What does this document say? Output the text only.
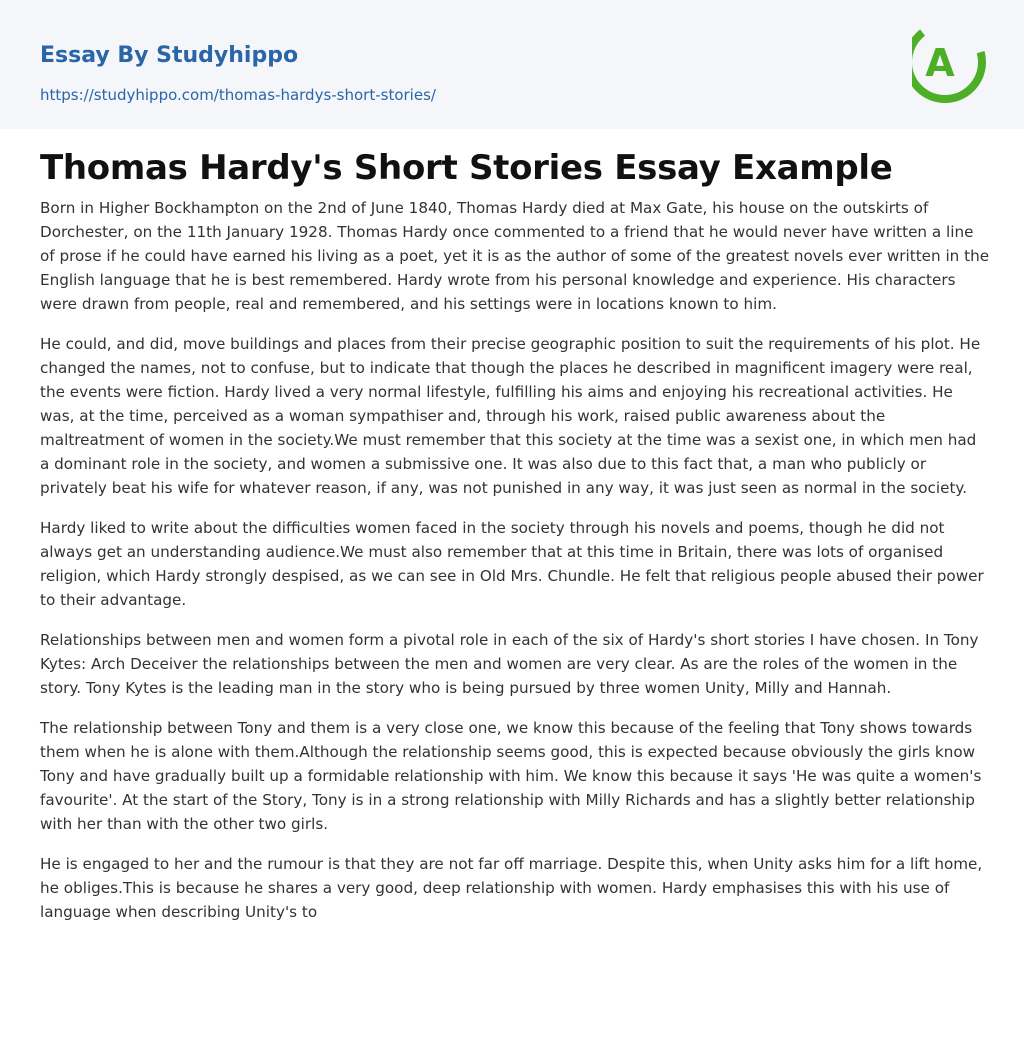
Essay By Studyhippo
https://studyhippo.com/thomas-hardys-short-stories/
A
Thomas Hardy's Short Stories Essay Example

Born in Higher Bockhampton on the 2nd of June 1840, Thomas Hardy died at Max Gate, his house on the outskirts of Dorchester, on the 11th January 1928. Thomas Hardy once commented to a friend that he would never have written a line of prose if he could have earned his living as a poet, yet it is as the author of some of the greatest novels ever written in the English language that he is best remembered. Hardy wrote from his personal knowledge and experience. His characters were drawn from people, real and remembered, and his settings were in locations known to him.

He could, and did, move buildings and places from their precise geographic position to suit the requirements of his plot. He changed the names, not to confuse, but to indicate that though the places he described in magnificent imagery were real, the events were fiction. Hardy lived a very normal lifestyle, fulfilling his aims and enjoying his recreational activities. He was, at the time, perceived as a woman sympathiser and, through his work, raised public awareness about the maltreatment of women in the society.We must remember that this society at the time was a sexist one, in which men had a dominant role in the society, and women a submissive one. It was also due to this fact that, a man who publicly or privately beat his wife for whatever reason, if any, was not punished in any way, it was just seen as normal in the society.

Hardy liked to write about the difficulties women faced in the society through his novels and poems, though he did not always get an understanding audience.We must also remember that at this time in Britain, there was lots of organised religion, which Hardy strongly despised, as we can see in Old Mrs. Chundle. He felt that religious people abused their power to their advantage.

Relationships between men and women form a pivotal role in each of the six of Hardy's short stories I have chosen. In Tony Kytes: Arch Deceiver the relationships between the men and women are very clear. As are the roles of the women in the story. Tony Kytes is the leading man in the story who is being pursued by three women Unity, Milly and Hannah.

The relationship between Tony and them is a very close one, we know this because of the feeling that Tony shows towards them when he is alone with them.Although the relationship seems good, this is expected because obviously the girls know Tony and have gradually built up a formidable relationship with him. We know this because it says 'He was quite a women's favourite'. At the start of the Story, Tony is in a strong relationship with Milly Richards and has a slightly better relationship with her than with the other two girls.

He is engaged to her and the rumour is that they are not far off marriage. Despite this, when Unity asks him for a lift home, he obliges.This is because he shares a very good, deep relationship with women. Hardy emphasises this with his use of language when describing Unity's to
